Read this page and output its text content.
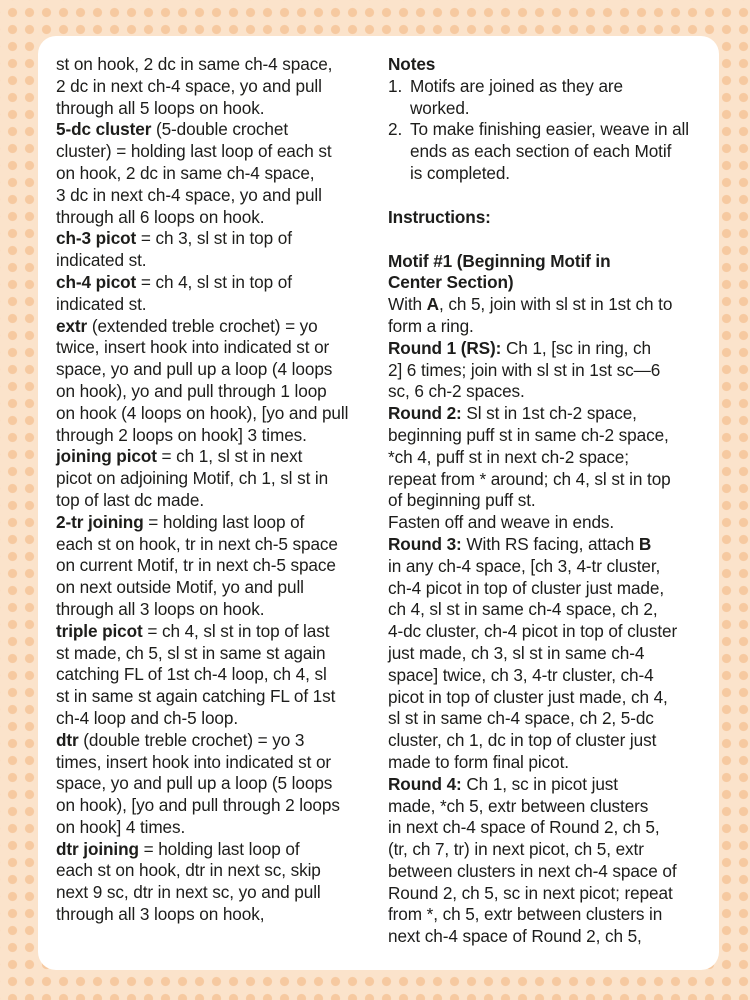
st on hook, 2 dc in same ch-4 space,
2 dc in next ch-4 space, yo and pull
through all 5 loops on hook.
5-dc cluster (5-double crochet
cluster) = holding last loop of each st
on hook, 2 dc in same ch-4 space,
3 dc in next ch-4 space, yo and pull
through all 6 loops on hook.
ch-3 picot = ch 3, sl st in top of
indicated st.
ch-4 picot = ch 4, sl st in top of
indicated st.
extr (extended treble crochet) = yo
twice, insert hook into indicated st or
space, yo and pull up a loop (4 loops
on hook), yo and pull through 1 loop
on hook (4 loops on hook), [yo and pull
through 2 loops on hook] 3 times.
joining picot = ch 1, sl st in next
picot on adjoining Motif, ch 1, sl st in
top of last dc made.
2-tr joining = holding last loop of
each st on hook, tr in next ch-5 space
on current Motif, tr in next ch-5 space
on next outside Motif, yo and pull
through all 3 loops on hook.
triple picot = ch 4, sl st in top of last
st made, ch 5, sl st in same st again
catching FL of 1st ch-4 loop, ch 4, sl
st in same st again catching FL of 1st
ch-4 loop and ch-5 loop.
dtr (double treble crochet) = yo 3
times, insert hook into indicated st or
space, yo and pull up a loop (5 loops
on hook), [yo and pull through 2 loops
on hook] 4 times.
dtr joining = holding last loop of
each st on hook, dtr in next sc, skip
next 9 sc, dtr in next sc, yo and pull
through all 3 loops on hook,
Notes
1. Motifs are joined as they are
worked.
2. To make finishing easier, weave in all
ends as each section of each Motif
is completed.
Instructions:
Motif #1 (Beginning Motif in
Center Section)
With A, ch 5, join with sl st in 1st ch to
form a ring.
Round 1 (RS): Ch 1, [sc in ring, ch
2] 6 times; join with sl st in 1st sc—6
sc, 6 ch-2 spaces.
Round 2: Sl st in 1st ch-2 space,
beginning puff st in same ch-2 space,
*ch 4, puff st in next ch-2 space;
repeat from * around; ch 4, sl st in top
of beginning puff st.
Fasten off and weave in ends.
Round 3: With RS facing, attach B
in any ch-4 space, [ch 3, 4-tr cluster,
ch-4 picot in top of cluster just made,
ch 4, sl st in same ch-4 space, ch 2,
4-dc cluster, ch-4 picot in top of cluster
just made, ch 3, sl st in same ch-4
space] twice, ch 3, 4-tr cluster, ch-4
picot in top of cluster just made, ch 4,
sl st in same ch-4 space, ch 2, 5-dc
cluster, ch 1, dc in top of cluster just
made to form final picot.
Round 4: Ch 1, sc in picot just
made, *ch 5, extr between clusters
in next ch-4 space of Round 2, ch 5,
(tr, ch 7, tr) in next picot, ch 5, extr
between clusters in next ch-4 space of
Round 2, ch 5, sc in next picot; repeat
from *, ch 5, extr between clusters in
next ch-4 space of Round 2, ch 5,
